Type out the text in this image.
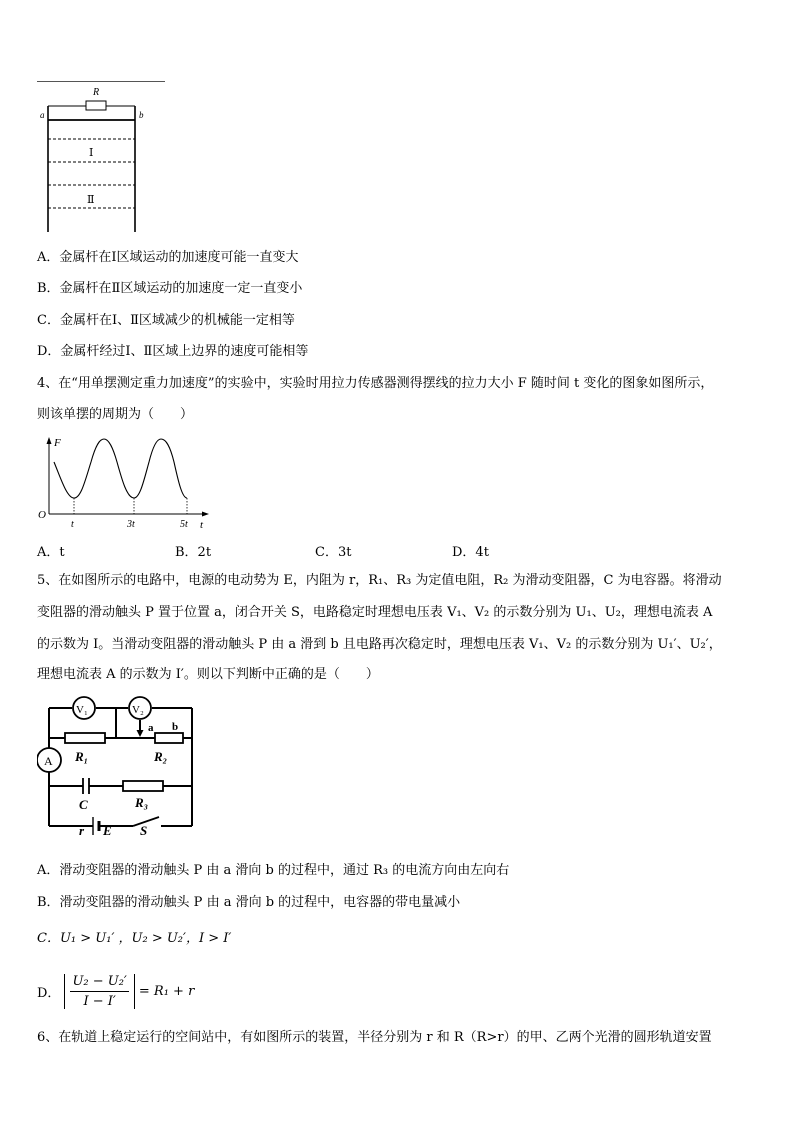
R
a	b
Ⅰ
Ⅱ
A．金属杆在Ⅰ区域运动的加速度可能一直变大
B．金属杆在Ⅱ区域运动的加速度一定一直变小
C．金属杆在Ⅰ、Ⅱ区域减少的机械能一定相等
D．金属杆经过Ⅰ、Ⅱ区域上边界的速度可能相等
4、在“用单摆测定重力加速度”的实验中，实验时用拉力传感器测得摆线的拉力大小 F 随时间 t 变化的图象如图所示，
则该单摆的周期为（　　）
F
t
O
t	3t	5t
A．t	B．2t	C．3t	D．4t
5、在如图所示的电路中，电源的电动势为 E，内阻为 r，R₁、R₃ 为定值电阻，R₂ 为滑动变阻器，C 为电容器。将滑动
变阻器的滑动触头 P 置于位置 a，闭合开关 S，电路稳定时理想电压表 V₁、V₂ 的示数分别为 U₁、U₂，理想电流表 A
的示数为 I。当滑动变阻器的滑动触头 P 由 a 滑到 b 且电路再次稳定时，理想电压表 V₁、V₂ 的示数分别为 U₁′、U₂′，
理想电流表 A 的示数为 I′。则以下判断中正确的是（　　）
V₁	V₂
R₁
a b
R₂
A
C	R₃
r E S
A．滑动变阻器的滑动触头 P 由 a 滑向 b 的过程中，通过 R₃ 的电流方向由左向右
B．滑动变阻器的滑动触头 P 由 a 滑向 b 的过程中，电容器的带电量减小
C．U₁ > U₁′ ，U₂ > U₂′，I > I′
D．
U₂ − U₂′
I − I′
= R₁ + r
6、在轨道上稳定运行的空间站中，有如图所示的装置，半径分别为 r 和 R（R>r）的甲、乙两个光滑的圆形轨道安置
